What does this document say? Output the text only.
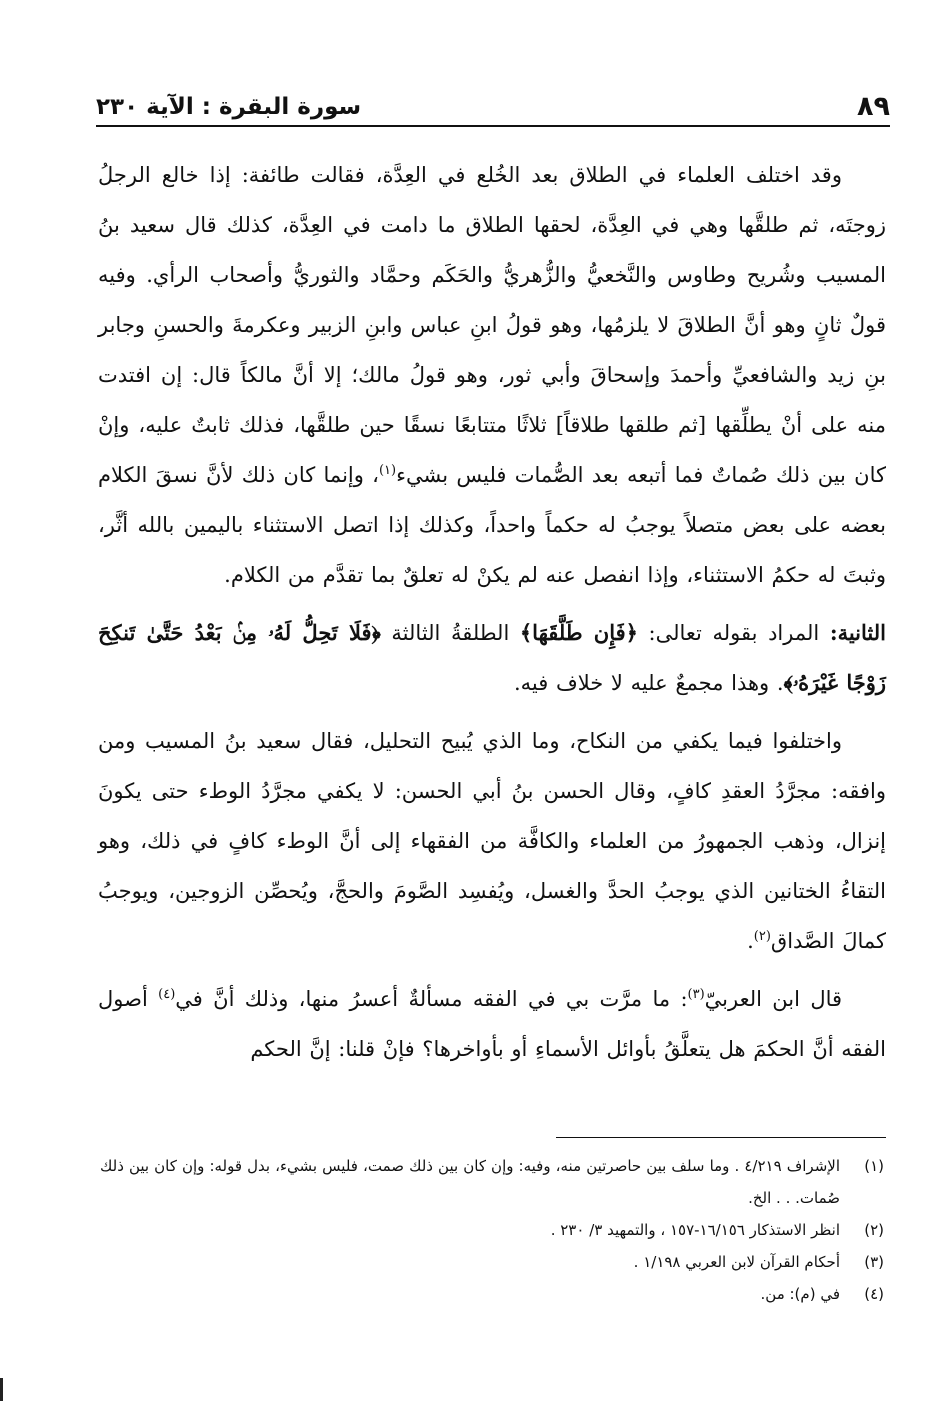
سورة البقرة : الآية ٢٣٠	٨٩

وقد اختلف العلماء في الطلاق بعد الخُلع في العِدَّة، فقالت طائفة: إذا خالع الرجلُ زوجتَه، ثم طلقَّها وهي في العِدَّة، لحقها الطلاق ما دامت في العِدَّة، كذلك قال سعيد بنُ المسيب وشُريح وطاوس والنَّخعيُّ والزُّهريُّ والحَكَم وحمَّاد والثوريُّ وأصحاب الرأي. وفيه قولٌ ثانٍ وهو أنَّ الطلاقَ لا يلزمُها، وهو قولُ ابنِ عباس وابنِ الزبير وعكرمةَ والحسنِ وجابر بنِ زيد والشافعيِّ وأحمدَ وإسحاقَ وأبي ثور، وهو قولُ مالك؛ إلا أنَّ مالكاً قال: إن افتدت منه على أنْ يطلِّقها [ثم طلقها طلاقاً] ثلاثًا متتابعًا نسقًا حين طلقَّها، فذلك ثابتٌ عليه، وإنْ كان بين ذلك صُماتٌ فما أتبعه بعد الصُّمات فليس بشيء$^{(١)}$، وإنما كان ذلك لأنَّ نسقَ الكلام بعضه على بعض متصلاً يوجبُ له حكماً واحداً، وكذلك إذا اتصل الاستثناء باليمين بالله أثَّر، وثبتَ له حكمُ الاستثناء، وإذا انفصل عنه لم يكنْ له تعلقٌ بما تقدَّم من الكلام.

الثانية: المراد بقوله تعالى: ﴿فَإِن طَلَّقَهَا﴾ الطلقةُ الثالثة ﴿فَلَا تَحِلُّ لَهُۥ مِنۢ بَعْدُ حَتَّىٰ تَنكِحَ زَوْجًا غَيْرَهُۥ﴾. وهذا مجمعٌ عليه لا خلاف فيه.

واختلفوا فيما يكفي من النكاح، وما الذي يُبيح التحليل، فقال سعيد بنُ المسيب ومن وافقه: مجرَّدُ العقدِ كافٍ، وقال الحسن بنُ أبي الحسن: لا يكفي مجرَّدُ الوطء حتى يكونَ إنزال، وذهب الجمهورُ من العلماء والكافَّة من الفقهاء إلى أنَّ الوطء كافٍ في ذلك، وهو التقاءُ الختانين الذي يوجبُ الحدَّ والغسل، ويُفسِد الصَّومَ والحجَّ، ويُحصِّن الزوجين، ويوجبُ كمالَ الصَّداق$^{(٢)}$.

قال ابن العربيّ$^{(٣)}$: ما مرَّت بي في الفقه مسألةٌ أعسرُ منها، وذلك أنَّ في$^{(٤)}$ أصول الفقه أنَّ الحكمَ هل يتعلَّقُ بأوائل الأسماءِ أو بأواخرها؟ فإنْ قلنا: إنَّ الحكم

(١)
الإشراف ٤/٢١٩ . وما سلف بين حاصرتين منه، وفيه: وإن كان بين ذلك صمت، فليس بشيء، بدل قوله: وإن كان بين ذلك صُمات. . . الخ.
(٢)
انظر الاستذكار ١٦/١٥٦-١٥٧ ، والتمهيد ٣/ ٢٣٠ .
(٣)
أحكام القرآن لابن العربي ١/١٩٨ .
(٤)
في (م): من.
